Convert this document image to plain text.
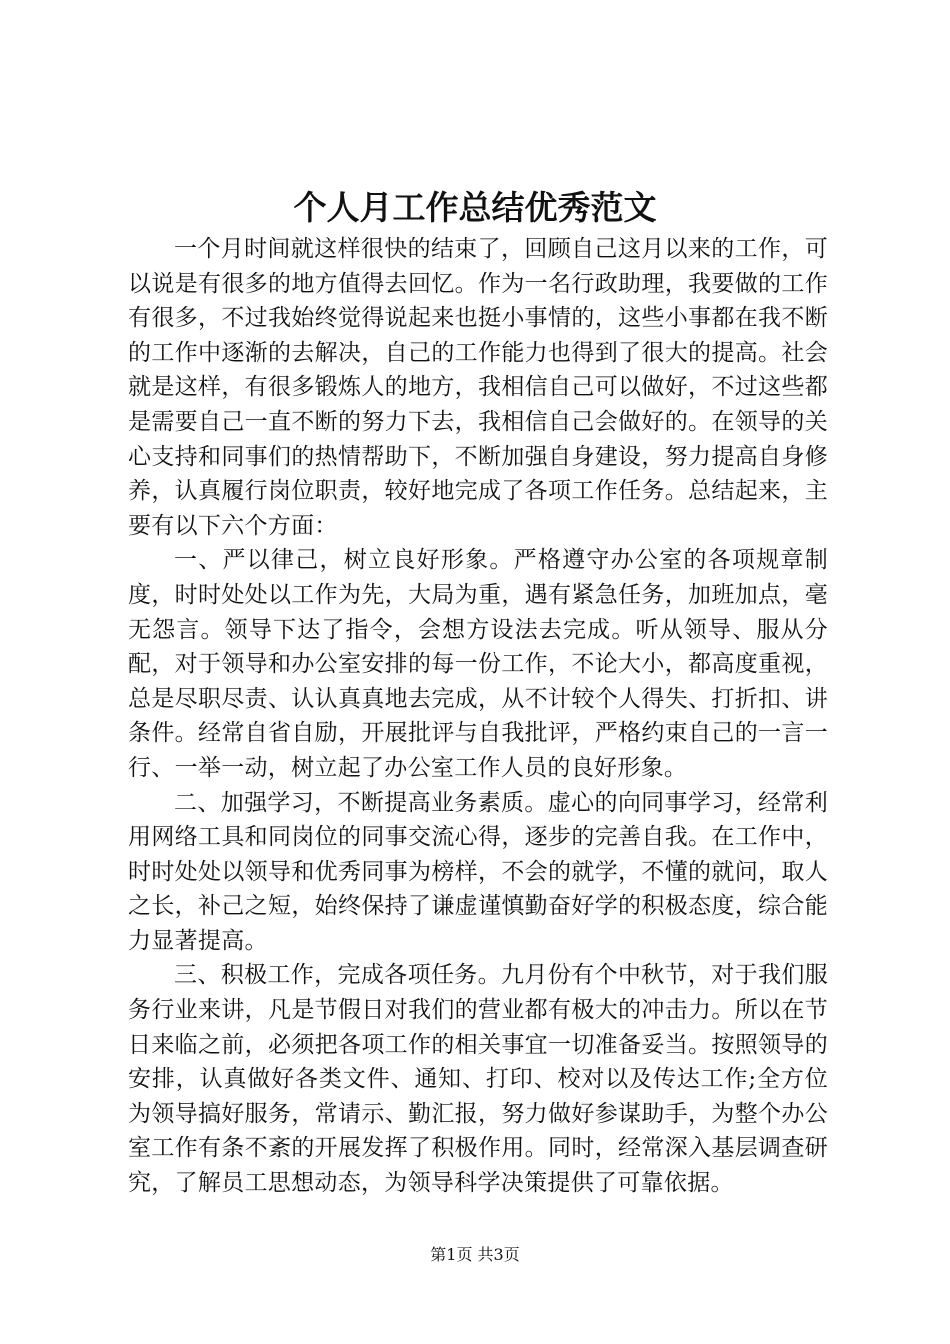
个人月工作总结优秀范文

一个月时间就这样很快的结束了，回顾自己这月以来的工作，可以说是有很多的地方值得去回忆。作为一名行政助理，我要做的工作有很多，不过我始终觉得说起来也挺小事情的，这些小事都在我不断的工作中逐渐的去解决，自己的工作能力也得到了很大的提高。社会就是这样，有很多锻炼人的地方，我相信自己可以做好，不过这些都是需要自己一直不断的努力下去，我相信自己会做好的。在领导的关心支持和同事们的热情帮助下，不断加强自身建设，努力提高自身修养，认真履行岗位职责，较好地完成了各项工作任务。总结起来，主要有以下六个方面：

一、严以律己，树立良好形象。严格遵守办公室的各项规章制度，时时处处以工作为先，大局为重，遇有紧急任务，加班加点，毫无怨言。领导下达了指令，会想方设法去完成。听从领导、服从分配，对于领导和办公室安排的每一份工作，不论大小，都高度重视，总是尽职尽责、认认真真地去完成，从不计较个人得失、打折扣、讲条件。经常自省自励，开展批评与自我批评，严格约束自己的一言一行、一举一动，树立起了办公室工作人员的良好形象。

二、加强学习，不断提高业务素质。虚心的向同事学习，经常利用网络工具和同岗位的同事交流心得，逐步的完善自我。在工作中，时时处处以领导和优秀同事为榜样，不会的就学，不懂的就问，取人之长，补己之短，始终保持了谦虚谨慎勤奋好学的积极态度，综合能力显著提高。

三、积极工作，完成各项任务。九月份有个中秋节，对于我们服务行业来讲，凡是节假日对我们的营业都有极大的冲击力。所以在节日来临之前，必须把各项工作的相关事宜一切准备妥当。按照领导的安排，认真做好各类文件、通知、打印、校对以及传达工作;全方位为领导搞好服务，常请示、勤汇报，努力做好参谋助手，为整个办公室工作有条不紊的开展发挥了积极作用。同时，经常深入基层调查研究，了解员工思想动态，为领导科学决策提供了可靠依据。

第1页 共3页
